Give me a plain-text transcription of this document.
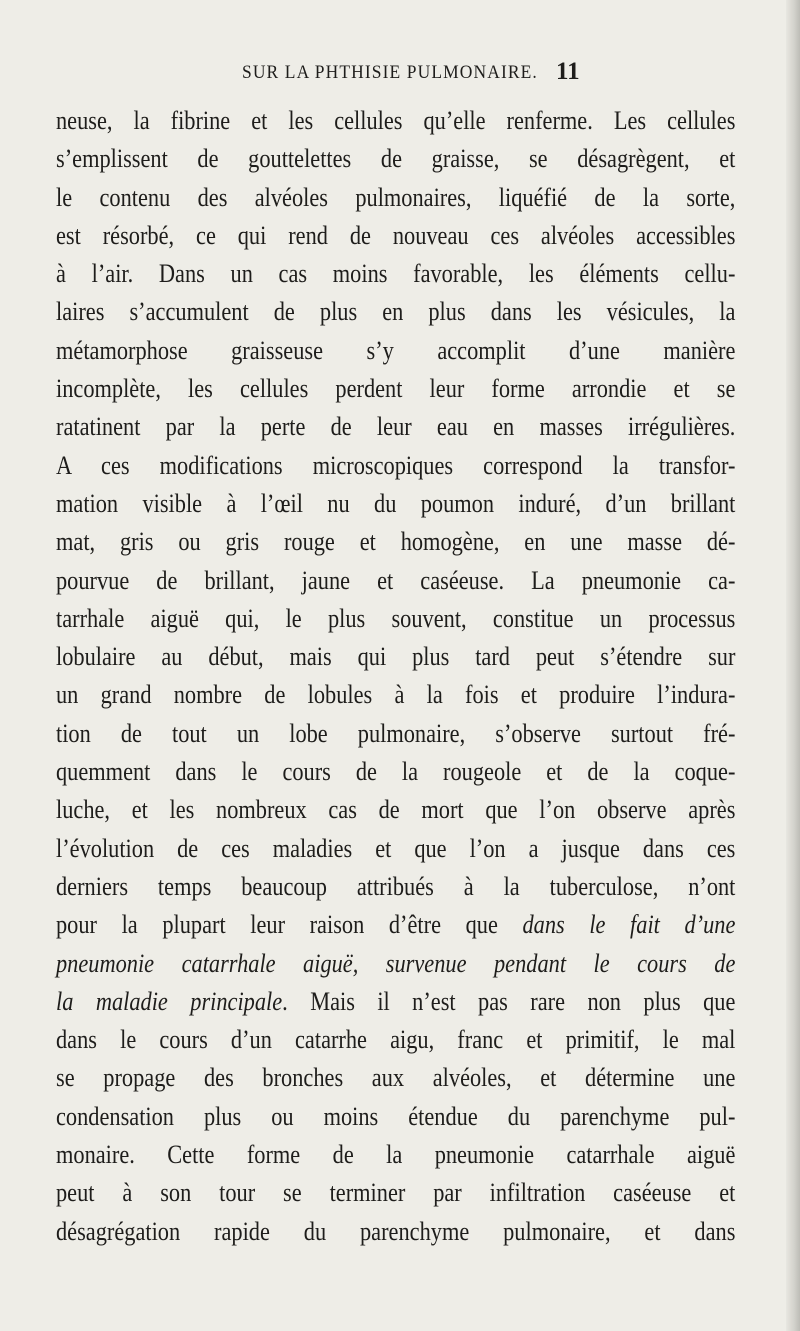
SUR LA PHTHISIE PULMONAIRE. 11
neuse, la fibrine et les cellules qu’elle renferme. Les cellules
s’emplissent de gouttelettes de graisse, se désagrègent, et
le contenu des alvéoles pulmonaires, liquéfié de la sorte,
est résorbé, ce qui rend de nouveau ces alvéoles accessibles
à l’air. Dans un cas moins favorable, les éléments cellu-
laires s’accumulent de plus en plus dans les vésicules, la
métamorphose graisseuse s’y accomplit d’une manière
incomplète, les cellules perdent leur forme arrondie et se
ratatinent par la perte de leur eau en masses irrégulières.
A ces modifications microscopiques correspond la transfor-
mation visible à l’œil nu du poumon induré, d’un brillant
mat, gris ou gris rouge et homogène, en une masse dé-
pourvue de brillant, jaune et caséeuse. La pneumonie ca-
tarrhale aiguë qui, le plus souvent, constitue un processus
lobulaire au début, mais qui plus tard peut s’étendre sur
un grand nombre de lobules à la fois et produire l’indura-
tion de tout un lobe pulmonaire, s’observe surtout fré-
quemment dans le cours de la rougeole et de la coque-
luche, et les nombreux cas de mort que l’on observe après
l’évolution de ces maladies et que l’on a jusque dans ces
derniers temps beaucoup attribués à la tuberculose, n’ont
pour la plupart leur raison d’être que dans le fait d’une
pneumonie catarrhale aiguë, survenue pendant le cours de
la maladie principale. Mais il n’est pas rare non plus que
dans le cours d’un catarrhe aigu, franc et primitif, le mal
se propage des bronches aux alvéoles, et détermine une
condensation plus ou moins étendue du parenchyme pul-
monaire. Cette forme de la pneumonie catarrhale aiguë
peut à son tour se terminer par infiltration caséeuse et
désagrégation rapide du parenchyme pulmonaire, et dans
